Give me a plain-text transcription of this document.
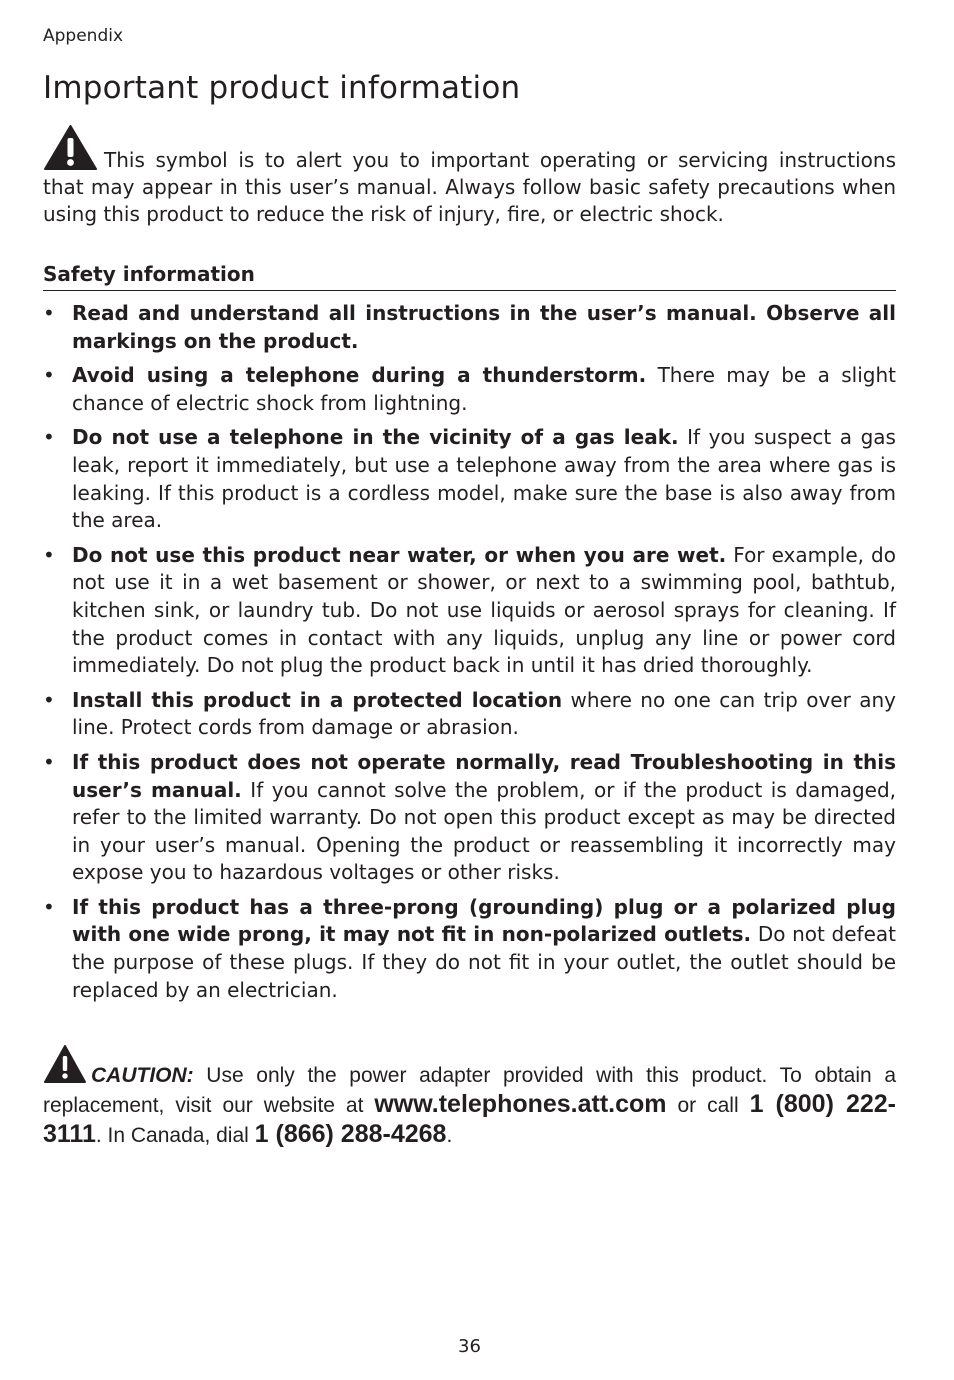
Appendix
Important product information

This symbol is to alert you to important operating or servicing instructions that may appear in this user’s manual. Always follow basic safety precautions when using this product to reduce the risk of injury, fire, or electric shock.

Safety information
• Read and understand all instructions in the user’s manual. Observe all markings on the product.
• Avoid using a telephone during a thunderstorm. There may be a slight chance of electric shock from lightning.
• Do not use a telephone in the vicinity of a gas leak. If you suspect a gas leak, report it immediately, but use a telephone away from the area where gas is leaking. If this product is a cordless model, make sure the base is also away from the area.
• Do not use this product near water, or when you are wet. For example, do not use it in a wet basement or shower, or next to a swimming pool, bathtub, kitchen sink, or laundry tub. Do not use liquids or aerosol sprays for cleaning. If the product comes in contact with any liquids, unplug any line or power cord immediately. Do not plug the product back in until it has dried thoroughly.
• Install this product in a protected location where no one can trip over any line. Protect cords from damage or abrasion.
• If this product does not operate normally, read Troubleshooting in this user’s manual. If you cannot solve the problem, or if the product is damaged, refer to the limited warranty. Do not open this product except as may be directed in your user’s manual. Opening the product or reassembling it incorrectly may expose you to hazardous voltages or other risks.
• If this product has a three-prong (grounding) plug or a polarized plug with one wide prong, it may not fit in non-polarized outlets. Do not defeat the purpose of these plugs. If they do not fit in your outlet, the outlet should be replaced by an electrician.

CAUTION: Use only the power adapter provided with this product. To obtain a replacement, visit our website at www.telephones.att.com or call 1 (800) 222-3111. In Canada, dial 1 (866) 288-4268.

36
